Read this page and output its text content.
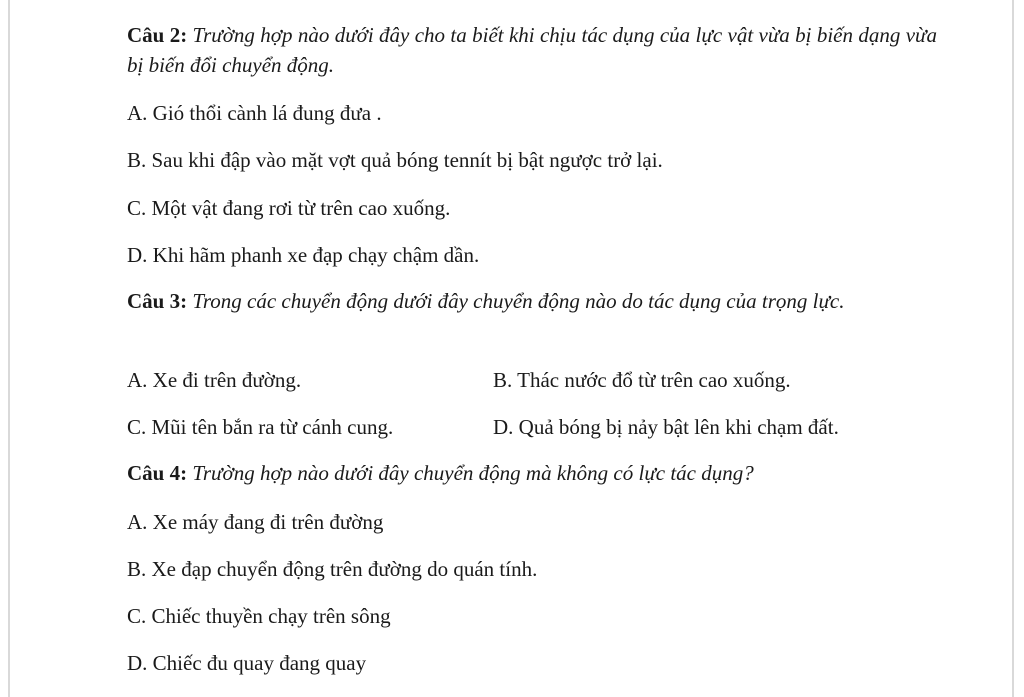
Câu 2: Trường hợp nào dưới đây cho ta biết khi chịu tác dụng của lực vật vừa bị biến dạng vừa bị biến đổi chuyển động.

A. Gió thổi cành lá đung đưa .

B. Sau khi đập vào mặt vợt quả bóng tennít bị bật ngược trở lại.

C. Một vật đang rơi từ trên cao xuống.

D. Khi hãm phanh xe đạp chạy chậm dần.

Câu 3: Trong các chuyển động dưới đây chuyển động nào do tác dụng của trọng lực.

A. Xe đi trên đường.	B. Thác nước đổ từ trên cao xuống.

C. Mũi tên bắn ra từ cánh cung.	D. Quả bóng bị nảy bật lên khi chạm đất.

Câu 4: Trường hợp nào dưới đây chuyển động mà không có lực tác dụng?

A. Xe máy đang đi trên đường

B. Xe đạp chuyển động trên đường do quán tính.

C. Chiếc thuyền chạy trên sông

D. Chiếc đu quay đang quay
